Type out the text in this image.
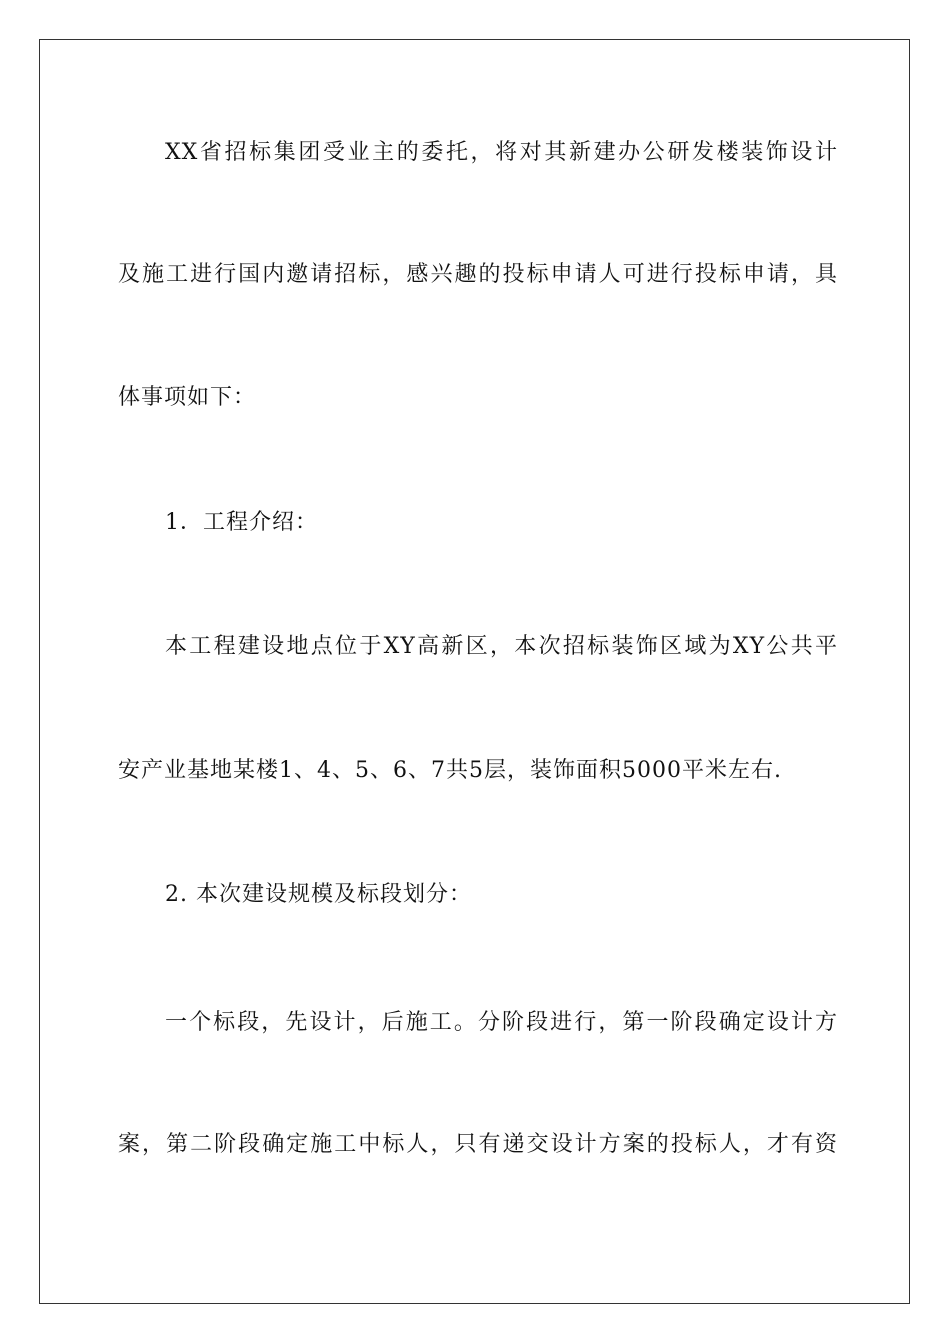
XX省招标集团受业主的委托，将对其新建办公研发楼装饰设计
及施工进行国内邀请招标，感兴趣的投标申请人可进行投标申请，具
体事项如下：
1．工程介绍：
本工程建设地点位于XY高新区，本次招标装饰区域为XY公共平
安产业基地某楼1、4、5、6、7共5层，装饰面积5000平米左右.
2. 本次建设规模及标段划分：
一个标段，先设计，后施工。分阶段进行，第一阶段确定设计方
案，第二阶段确定施工中标人，只有递交设计方案的投标人，才有资
